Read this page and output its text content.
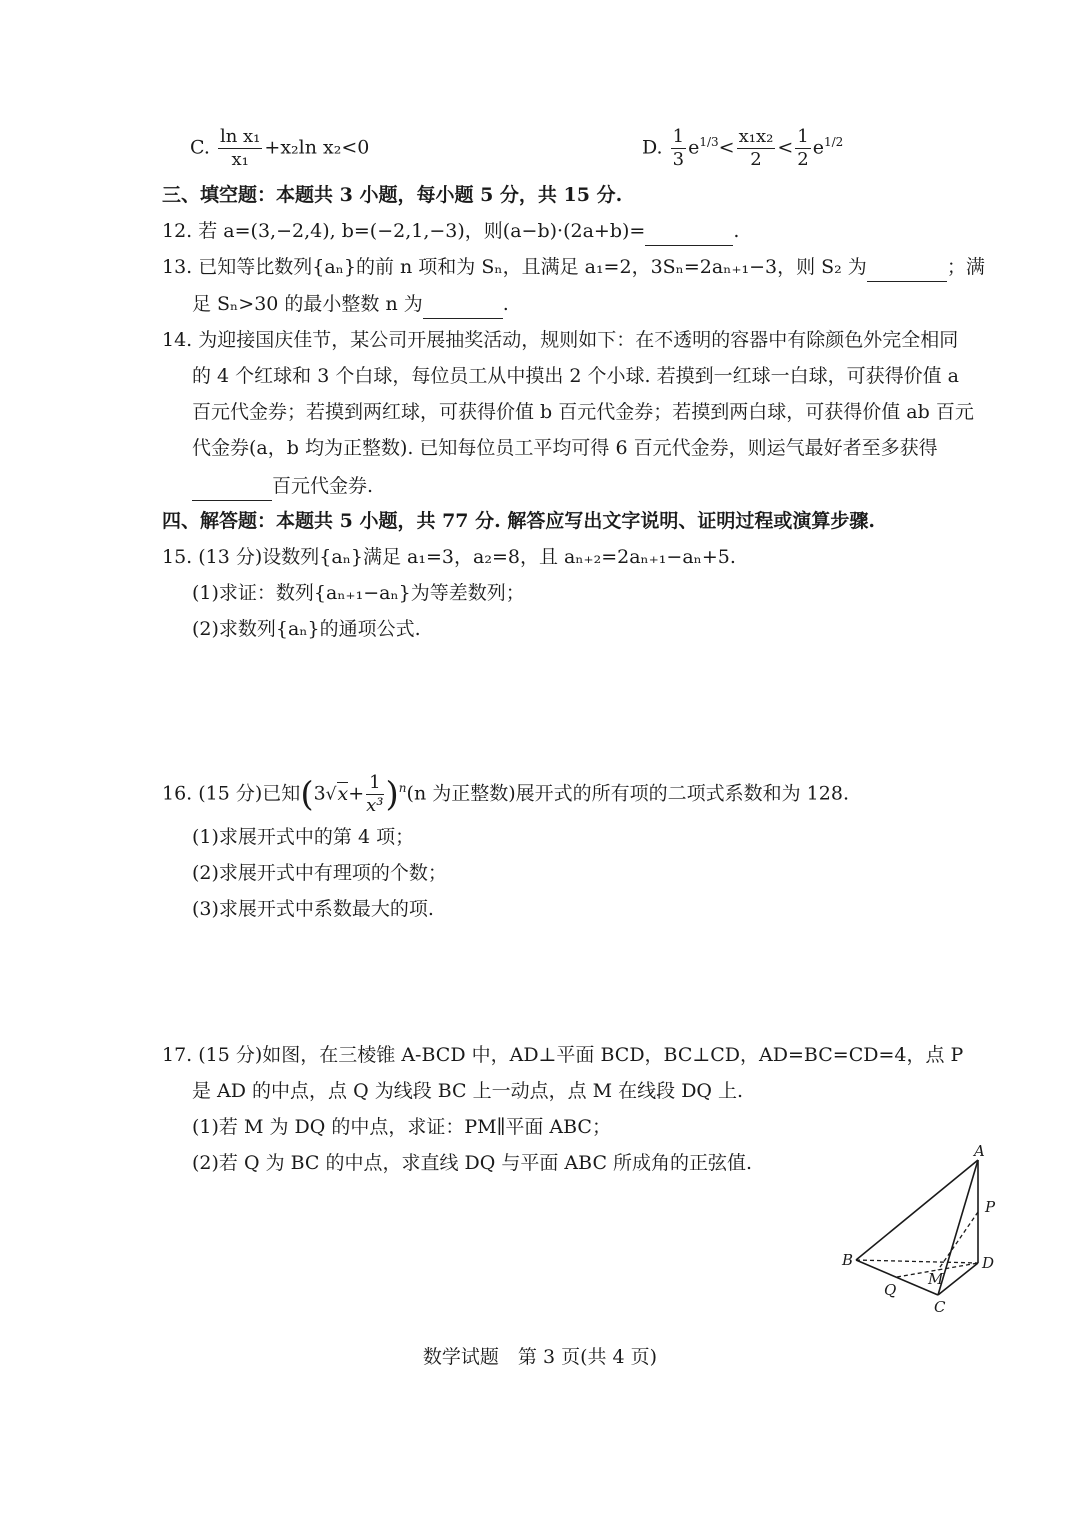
C. $\frac{\text{ln x₁}}{\text{x₁}} +x_2\ln$ x₂<0	D. $\frac{1}{3} e^{1/3}< \frac{\text{x₁x₂}}{2} < \frac{1}{2} e^{1/2}$
三、填空题：本题共 3 小题，每小题 5 分，共 15 分.
12. 若 a=(3,−2,4), b=(−2,1,−3)，则(a−b)·(2a+b)=	.
13. 已知等比数列{aₙ}的前 n 项和为 Sₙ，且满足 a₁=2，3Sₙ=2aₙ₊₁−3，则 S₂ 为	；满
足 Sₙ>30 的最小整数 n 为	.
14. 为迎接国庆佳节，某公司开展抽奖活动，规则如下：在不透明的容器中有除颜色外完全相同
的 4 个红球和 3 个白球，每位员工从中摸出 2 个小球. 若摸到一红球一白球，可获得价值 a
百元代金券；若摸到两红球，可获得价值 b 百元代金券；若摸到两白球，可获得价值 ab 百元
代金券(a，b 均为正整数). 已知每位员工平均可得 6 百元代金券，则运气最好者至多获得
百元代金券.
四、解答题：本题共 5 小题，共 77 分. 解答应写出文字说明、证明过程或演算步骤.
15. (13 分)设数列{aₙ}满足 a₁=3，a₂=8，且 aₙ₊₂=2aₙ₊₁−aₙ+5.
(1)求证：数列{aₙ₊₁−aₙ}为等差数列；
(2)求数列{aₙ}的通项公式.
16. (15 分)已知$(3√x+ \frac{1}{\text{x³}} )^n(n$ 为正整数)展开式的所有项的二项式系数和为 128.
(1)求展开式中的第 4 项；
(2)求展开式中有理项的个数；
(3)求展开式中系数最大的项.
17. (15 分)如图，在三棱锥 A-BCD 中，AD⊥平面 BCD，BC⊥CD，AD=BC=CD=4，点 P
是 AD 的中点，点 Q 为线段 BC 上一动点，点 M 在线段 DQ 上.
(1)若 M 为 DQ 的中点，求证：PM∥平面 ABC；
(2)若 Q 为 BC 的中点，求直线 DQ 与平面 ABC 所成角的正弦值.
A
P
B	D
M
Q
C
数学试题　第 3 页(共 4 页)
